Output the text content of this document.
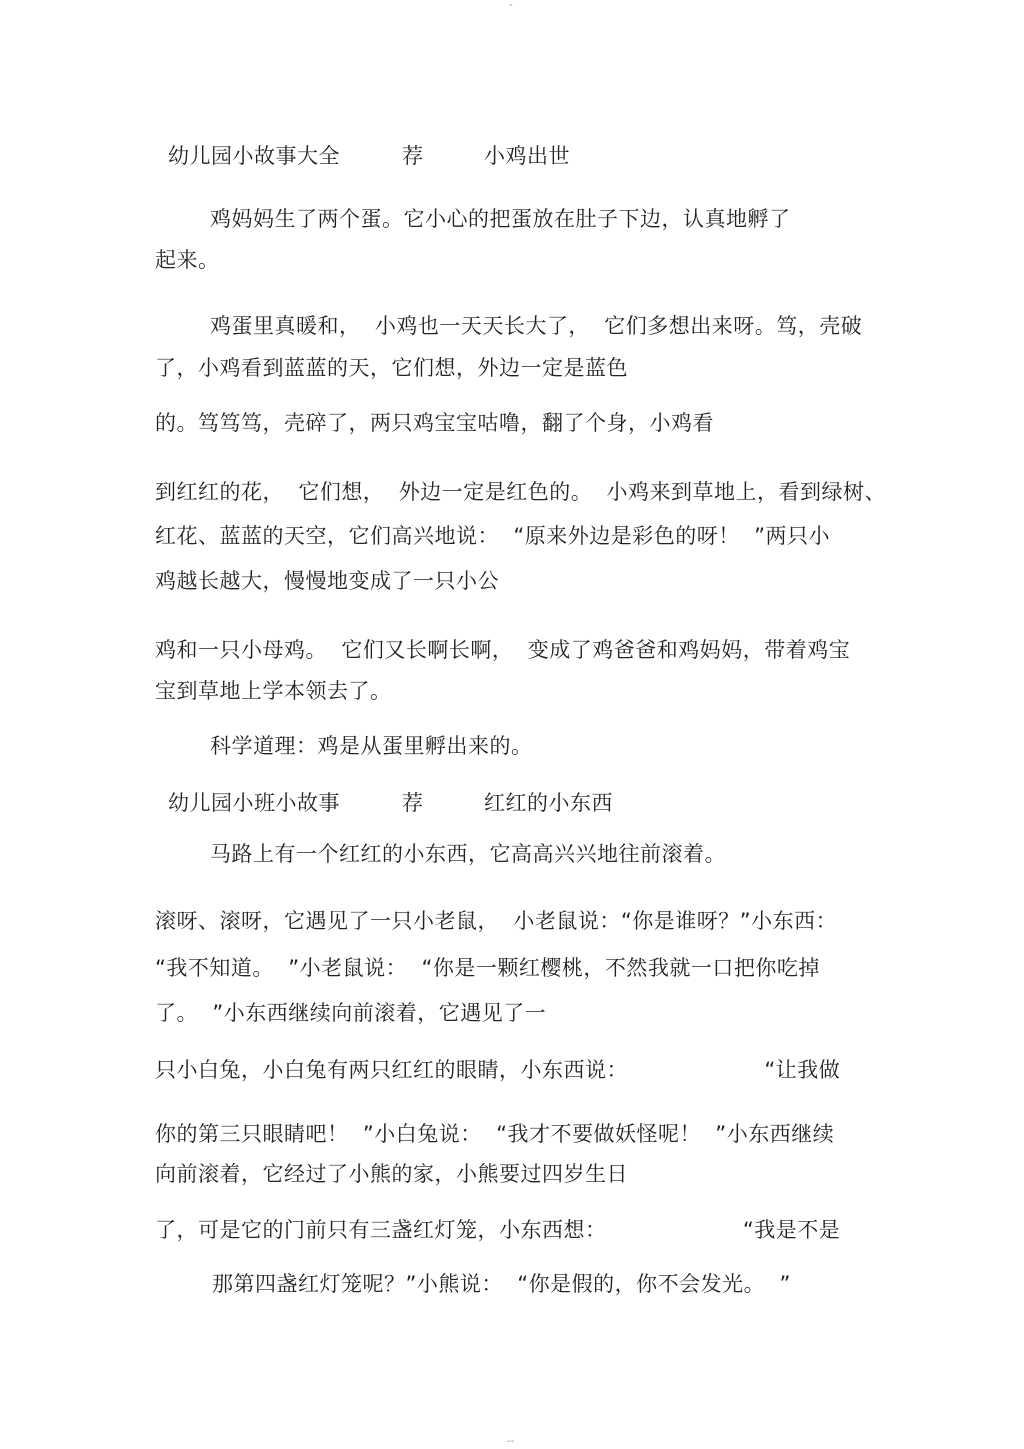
-
幼儿园小故事大全	荐	小鸡出世
鸡妈妈生了两个蛋。它小心的把蛋放在肚子下边，认真地孵了
起来。
鸡蛋里真暖和，  小鸡也一天天长大了，  它们多想出来呀。笃，壳破
了，小鸡看到蓝蓝的天，它们想，外边一定是蓝色
的。笃笃笃，壳碎了，两只鸡宝宝咕噜，翻了个身，小鸡看
到红红的花，  它们想，  外边一定是红色的。  小鸡来到草地上，看到绿树、
红花、蓝蓝的天空，它们高兴地说：  “原来外边是彩色的呀！  ”两只小
鸡越长越大，慢慢地变成了一只小公
鸡和一只小母鸡。  它们又长啊长啊，  变成了鸡爸爸和鸡妈妈，带着鸡宝
宝到草地上学本领去了。
科学道理：鸡是从蛋里孵出来的。
幼儿园小班小故事	荐	红红的小东西
马路上有一个红红的小东西，它高高兴兴地往前滚着。
滚呀、滚呀，它遇见了一只小老鼠，  小老鼠说：“你是谁呀？”小东西：
“我不知道。  ”小老鼠说：  “你是一颗红樱桃，不然我就一口把你吃掉
了。  ”小东西继续向前滚着，它遇见了一
只小白兔，小白兔有两只红红的眼睛，小东西说：                   “让我做
你的第三只眼睛吧！  ”小白兔说：  “我才不要做妖怪呢！  ”小东西继续
向前滚着，它经过了小熊的家，小熊要过四岁生日
了，可是它的门前只有三盏红灯笼，小东西想：                   “我是不是
那第四盏红灯笼呢？”小熊说：  “你是假的，你不会发光。  ”
--
